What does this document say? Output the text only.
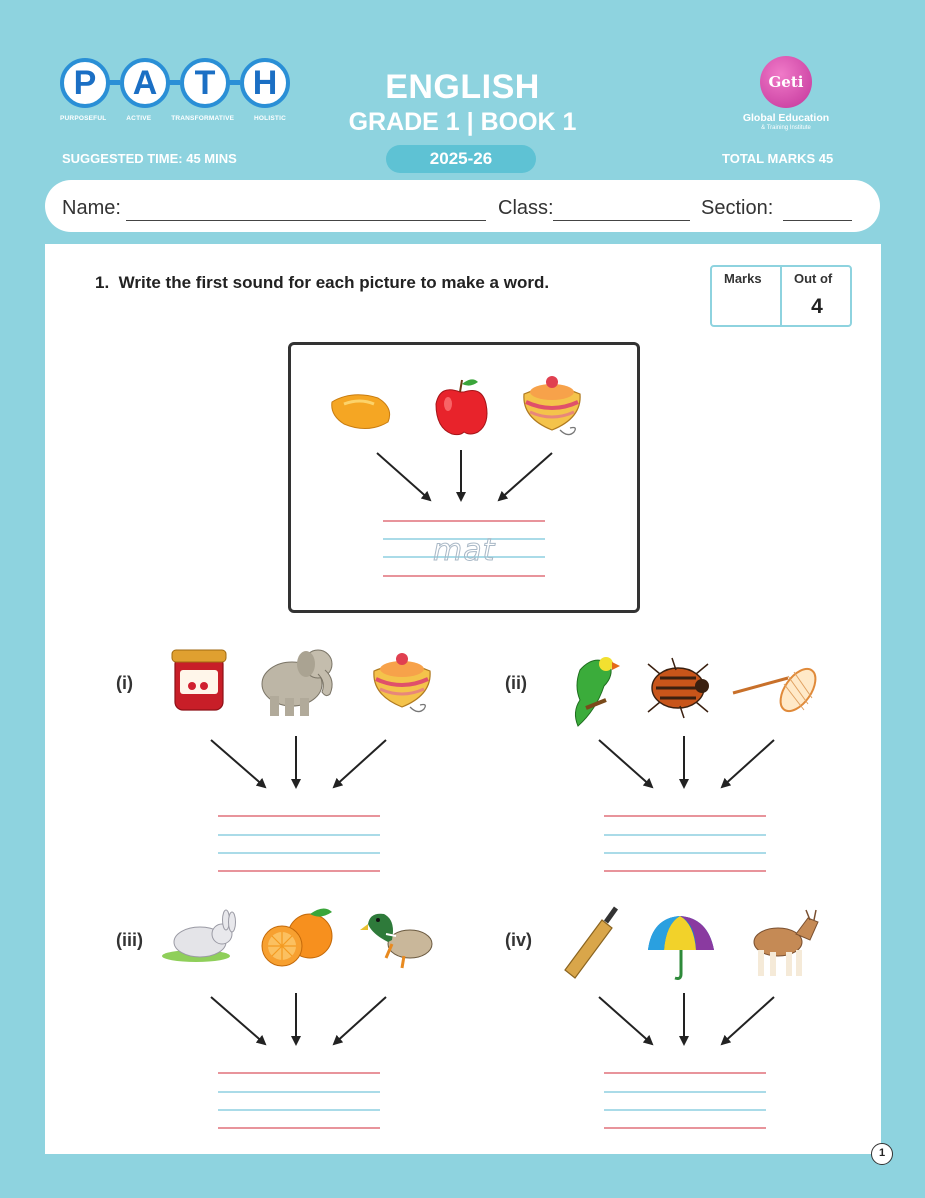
P	A	T	H
PURPOSEFUL	ACTIVE	TRANSFORMATIVE	HOLISTIC
ENGLISH
GRADE 1 | BOOK 1
2025-26
SUGGESTED TIME: 45 MINS	TOTAL MARKS 45
Geti
Global Education
& Training Institute
Name:	Class:	Section:
1. Write the first sound for each picture to make a word.	Marks Out of
4
mat
(i)	(ii)
(iii)	(iv)
1
